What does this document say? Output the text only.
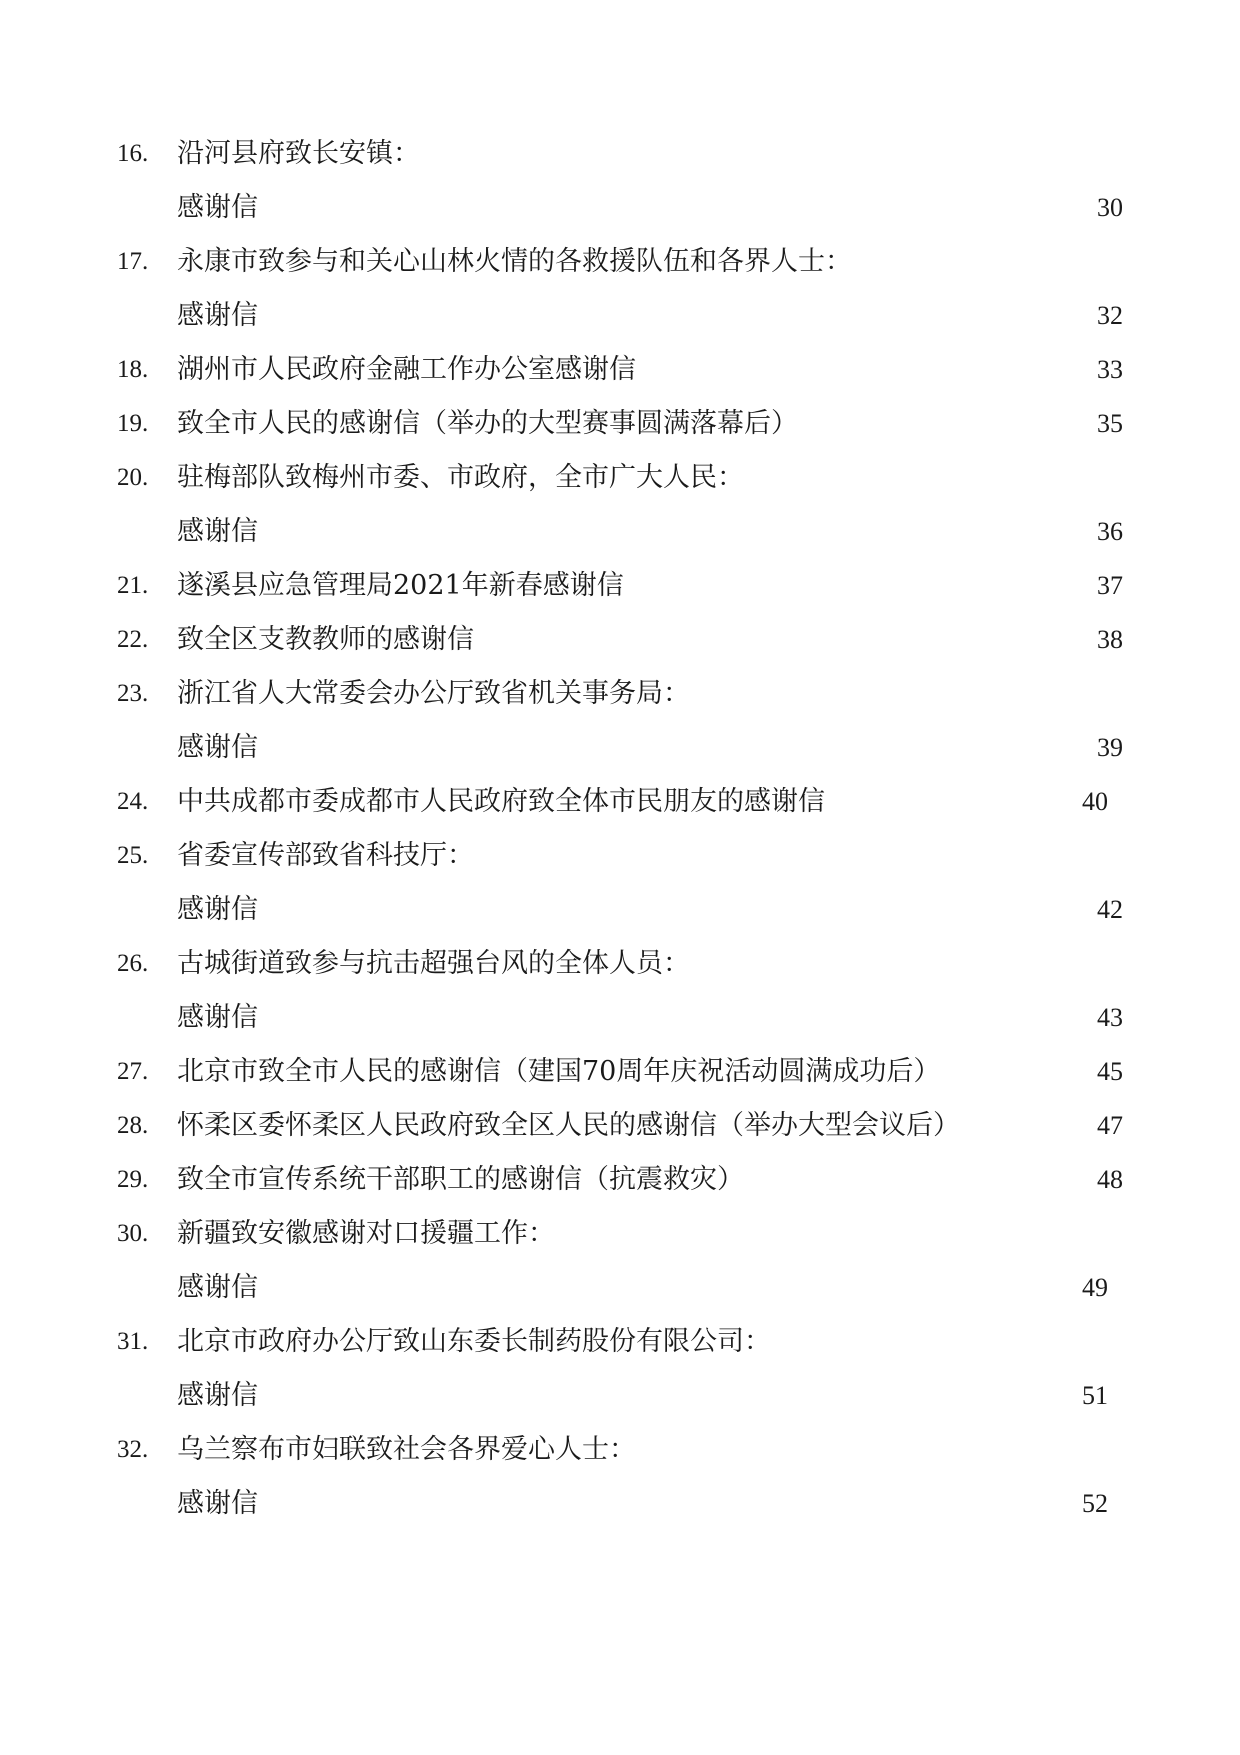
16. 沿河县府致长安镇：
感谢信	30
17. 永康市致参与和关心山林火情的各救援队伍和各界人士：
感谢信	32
18. 湖州市人民政府金融工作办公室感谢信	33
19. 致全市人民的感谢信（举办的大型赛事圆满落幕后）	35
20. 驻梅部队致梅州市委、市政府，全市广大人民：
感谢信	36
21. 遂溪县应急管理局2021年新春感谢信	37
22. 致全区支教教师的感谢信	38
23. 浙江省人大常委会办公厅致省机关事务局：
感谢信	39
24. 中共成都市委成都市人民政府致全体市民朋友的感谢信	40
25. 省委宣传部致省科技厅：
感谢信	42
26. 古城街道致参与抗击超强台风的全体人员：
感谢信	43
27. 北京市致全市人民的感谢信（建国70周年庆祝活动圆满成功后）	45
28. 怀柔区委怀柔区人民政府致全区人民的感谢信（举办大型会议后）	47
29. 致全市宣传系统干部职工的感谢信（抗震救灾）	48
30. 新疆致安徽感谢对口援疆工作：
感谢信	49
31. 北京市政府办公厅致山东委长制药股份有限公司：
感谢信	51
32. 乌兰察布市妇联致社会各界爱心人士：
感谢信	52
